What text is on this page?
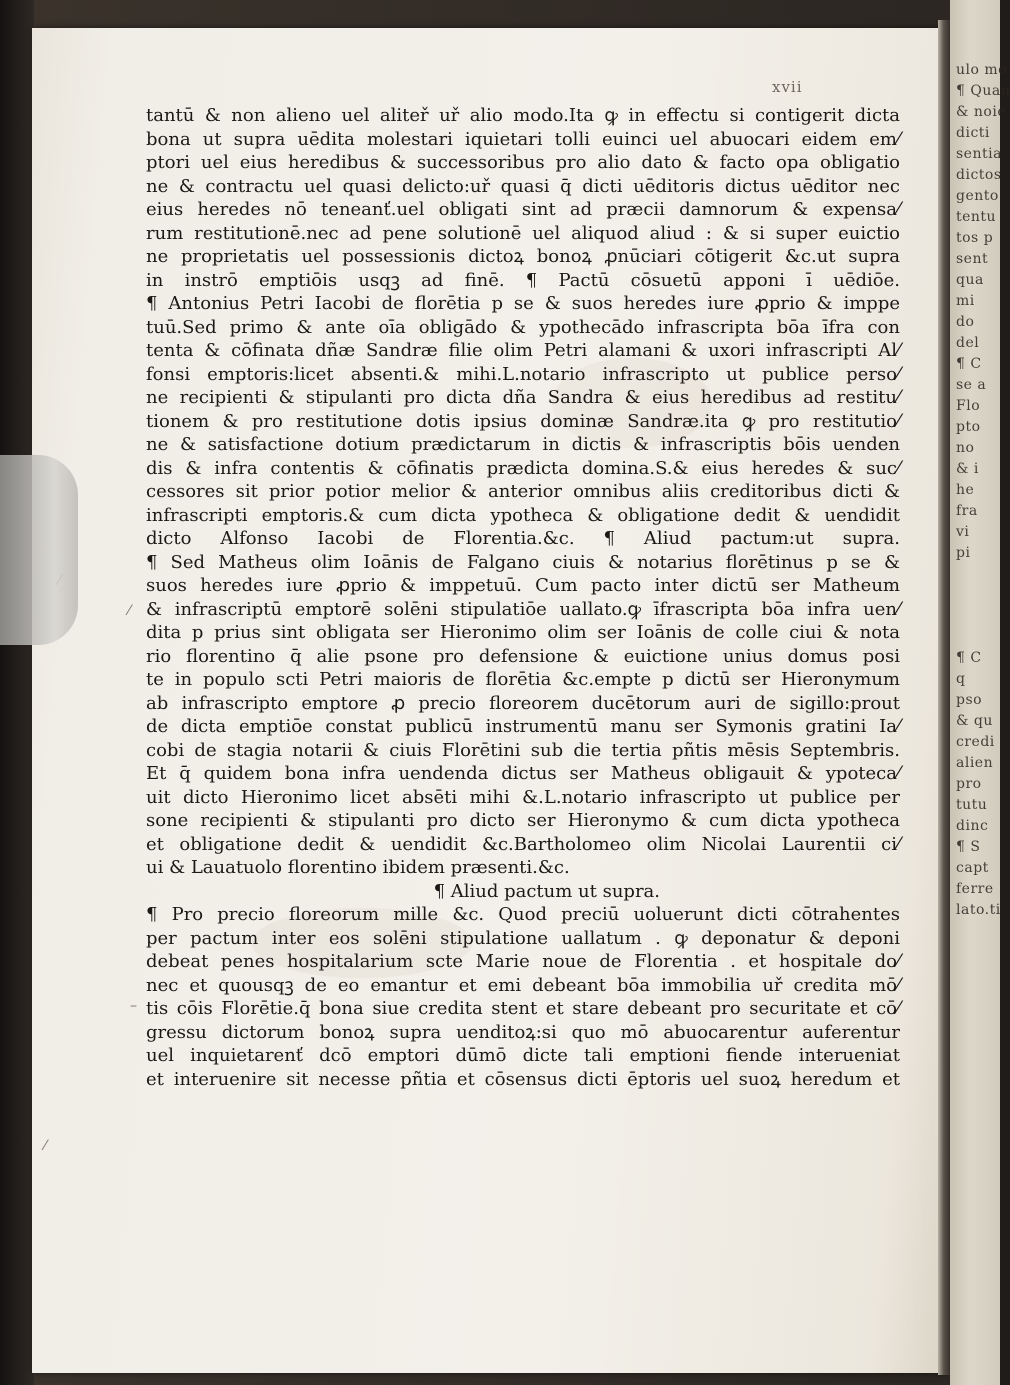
⁄
–
⁄
xvii
tantū & non alieno uel aliteř uř alio modo.Ita ꝙ in effectu si contigerit dicta
bona ut supra uēdita molestari iquietari tolli euinci uel abuocari eidem em⁄
ptori uel eius heredibus & successoribus pro alio dato & facto opa obligatio
ne & contractu uel quasi delicto:uř quasi q̄ dicti uēditoris dictus uēditor nec
eius heredes nō teneanť.uel obligati sint ad præcii damnorum & expensa⁄
rum restitutionē.nec ad pene solutionē uel aliquod aliud : & si super euictio
ne proprietatis uel possessionis dictoꝝ bonoꝝ ꝓnūciari cōtigerit &c.ut supra
in instrō emptiōis usqꝫ ad finē. ¶ Pactū cōsuetū apponi ī uēdiōe.
¶ Antonius Petri Iacobi de florētia p se & suos heredes iure ꝓprio & imppe
tuū.Sed primo & ante oīa obligādo & ypothecādo infrascripta bōa īfra con
tenta & cōfinata dñæ Sandræ filie olim Petri alamani & uxori infrascripti Al⁄
fonsi emptoris:licet absenti.& mihi.L.notario infrascripto ut publice perso⁄
ne recipienti & stipulanti pro dicta dña Sandra & eius heredibus ad restitu⁄
tionem & pro restitutione dotis ipsius dominæ Sandræ.ita ꝙ pro restitutio⁄
ne & satisfactione dotium prædictarum in dictis & infrascriptis bōis uenden
dis & infra contentis & cōfinatis prædicta domina.S.& eius heredes & suc⁄
cessores sit prior potior melior & anterior omnibus aliis creditoribus dicti &
infrascripti emptoris.& cum dicta ypotheca & obligatione dedit & uendidit
dicto Alfonso Iacobi de Florentia.&c. ¶ Aliud pactum:ut supra.
¶ Sed Matheus olim Ioānis de Falgano ciuis & notarius florētinus p se &
suos heredes iure ꝓprio & imppetuū. Cum pacto inter dictū ser Matheum
& infrascriptū emptorē solēni stipulatiōe uallato.ꝙ īfrascripta bōa infra uen⁄
dita p prius sint obligata ser Hieronimo olim ser Ioānis de colle ciui & nota
rio florentino q̄ alie psone pro defensione & euictione unius domus posi
te in populo scti Petri maioris de florētia &c.empte p dictū ser Hieronymum
ab infrascripto emptore ꝓ precio floreorem ducētorum auri de sigillo:prout
de dicta emptiōe constat publicū instrumentū manu ser Symonis gratini Ia⁄
cobi de stagia notarii & ciuis Florētini sub die tertia pñtis mēsis Septembris.
Et q̄ quidem bona infra uendenda dictus ser Matheus obligauit & ypoteca⁄
uit dicto Hieronimo licet absēti mihi &.L.notario infrascripto ut publice per
sone recipienti & stipulanti pro dicto ser Hieronymo & cum dicta ypotheca
et obligatione dedit & uendidit &c.Bartholomeo olim Nicolai Laurentii ci⁄
ui & Lauatuolo florentino ibidem præsenti.&c.
¶ Aliud pactum ut supra.
¶ Pro precio floreorum mille &c. Quod preciū uoluerunt dicti cōtrahentes
per pactum inter eos solēni stipulatione uallatum . ꝙ deponatur & deponi
debeat penes hospitalarium scte Marie noue de Florentia . et hospitale do⁄
nec et quousqꝫ de eo emantur et emi debeant bōa immobilia uř credita mō⁄
tis cōis Florētie.q̄ bona siue credita stent et stare debeant pro securitate et cō⁄
gressu dictorum bonoꝝ supra uenditoꝝ:si quo mō abuocarentur auferentur
uel inquietarenť dcō emptori dūmō dicte tali emptioni fiende interueniat
et interuenire sit necesse pñtia et cōsensus dicti ēptoris uel suoꝝ heredum et
ulo mo
¶ Quan
& noie
dicti
sentia
dictos
gento
tentu
tos p
sent
qua
mi
do
del
¶ C
se a
Flo
pto
no
& i
he
fra
vi
pi

¶ C
q
pso
& qu
credi
alien
pro
tutu
dinc
¶ S
capt
ferre
lato.ti
